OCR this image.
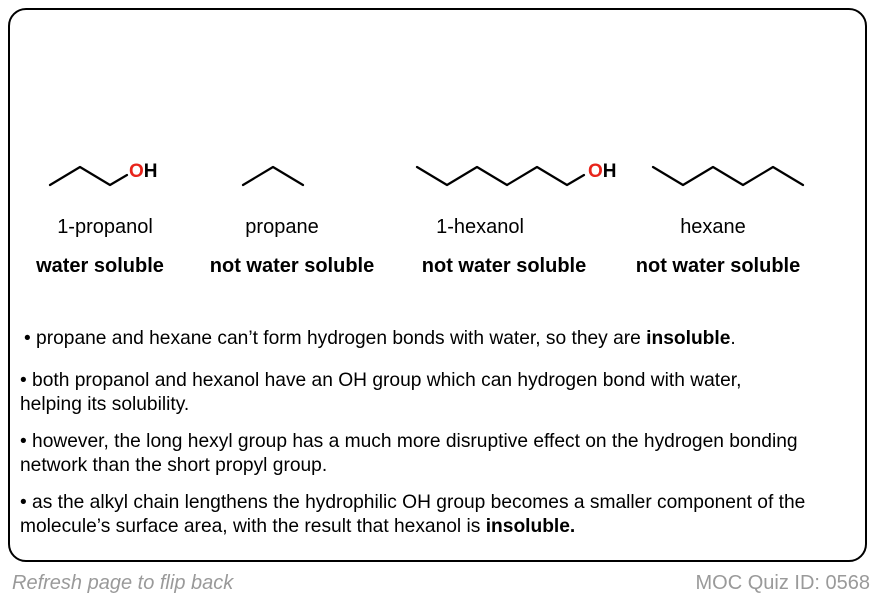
OH	OH
1-propanol	propane	1-hexanol	hexane
water soluble	not water soluble	not water soluble	not water soluble
• propane and hexane can’t form hydrogen bonds with water, so they are insoluble.
• both propanol and hexanol have an OH group which can hydrogen bond with water, helping its solubility.
• however, the long hexyl group has a much more disruptive effect on the hydrogen bonding network than the short propyl group.
• as the alkyl chain lengthens the hydrophilic OH group becomes a smaller component of the molecule’s surface area, with the result that hexanol is insoluble.
Refresh page to flip back	MOC Quiz ID: 0568
